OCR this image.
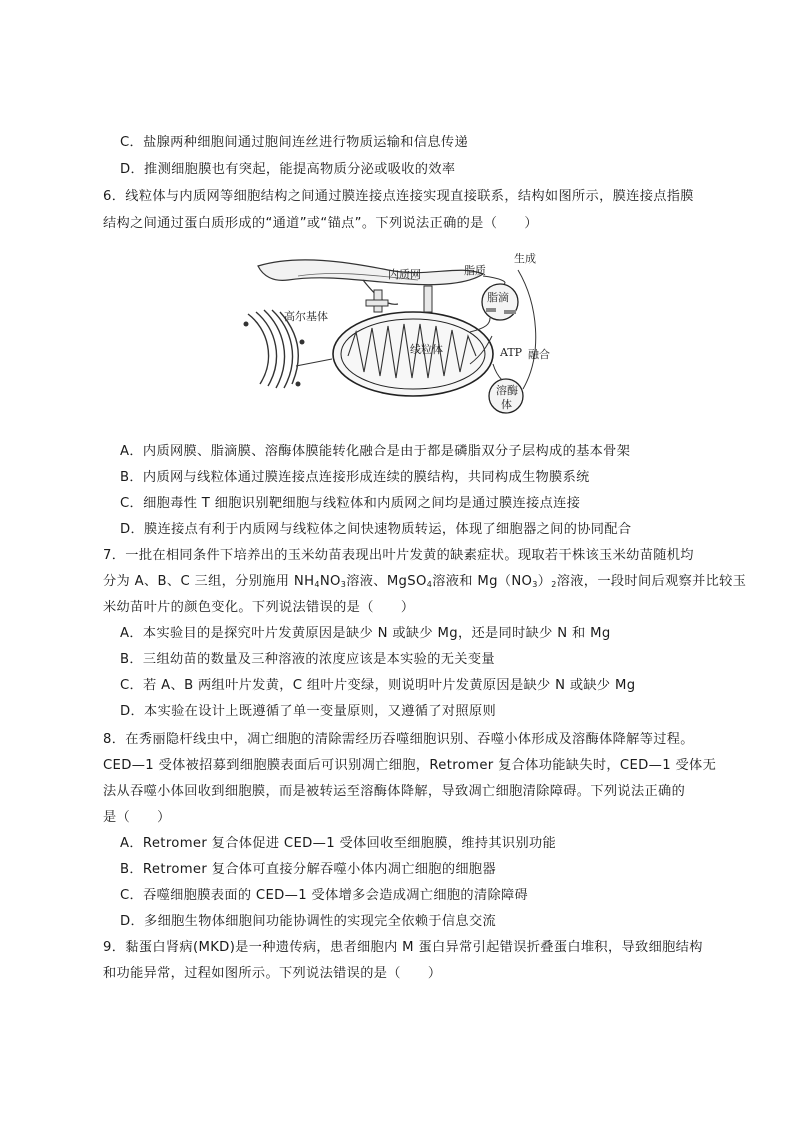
C．盐腺两种细胞间通过胞间连丝进行物质运输和信息传递
D．推测细胞膜也有突起，能提高物质分泌或吸收的效率
6．线粒体与内质网等细胞结构之间通过膜连接点连接实现直接联系，结构如图所示，膜连接点指膜
结构之间通过蛋白质形成的“通道”或“锚点”。下列说法正确的是（　　）
内质网	脂质
生成
脂滴
高尔基体
线粒体	ATP 融合
溶酶
体
A．内质网膜、脂滴膜、溶酶体膜能转化融合是由于都是磷脂双分子层构成的基本骨架
B．内质网与线粒体通过膜连接点连接形成连续的膜结构，共同构成生物膜系统
C．细胞毒性 T 细胞识别靶细胞与线粒体和内质网之间均是通过膜连接点连接
D．膜连接点有利于内质网与线粒体之间快速物质转运，体现了细胞器之间的协同配合
7．一批在相同条件下培养出的玉米幼苗表现出叶片发黄的缺素症状。现取若干株该玉米幼苗随机均
分为 A、B、C 三组，分别施用 $NH_4NO_3$溶液、MgSO$_4$溶液和 $Mg(NO_3)_2$溶液，一段时间后观察并比较玉
米幼苗叶片的颜色变化。下列说法错误的是（　　）
A．本实验目的是探究叶片发黄原因是缺少 N 或缺少 Mg，还是同时缺少 N 和 Mg
B．三组幼苗的数量及三种溶液的浓度应该是本实验的无关变量
C．若 A、B 两组叶片发黄，C 组叶片变绿，则说明叶片发黄原因是缺少 N 或缺少 Mg
D．本实验在设计上既遵循了单一变量原则，又遵循了对照原则
8．在秀丽隐杆线虫中，凋亡细胞的清除需经历吞噬细胞识别、吞噬小体形成及溶酶体降解等过程。
CED—1 受体被招募到细胞膜表面后可识别凋亡细胞，Retromer 复合体功能缺失时，CED—1 受体无
法从吞噬小体回收到细胞膜，而是被转运至溶酶体降解，导致凋亡细胞清除障碍。下列说法正确的
是（　　）
A．Retromer 复合体促进 CED—1 受体回收至细胞膜，维持其识别功能
B．Retromer 复合体可直接分解吞噬小体内凋亡细胞的细胞器
C．吞噬细胞膜表面的 CED—1 受体增多会造成凋亡细胞的清除障碍
D．多细胞生物体细胞间功能协调性的实现完全依赖于信息交流
9．黏蛋白肾病(MKD)是一种遗传病，患者细胞内 M 蛋白异常引起错误折叠蛋白堆积，导致细胞结构
和功能异常，过程如图所示。下列说法错误的是（　　）
